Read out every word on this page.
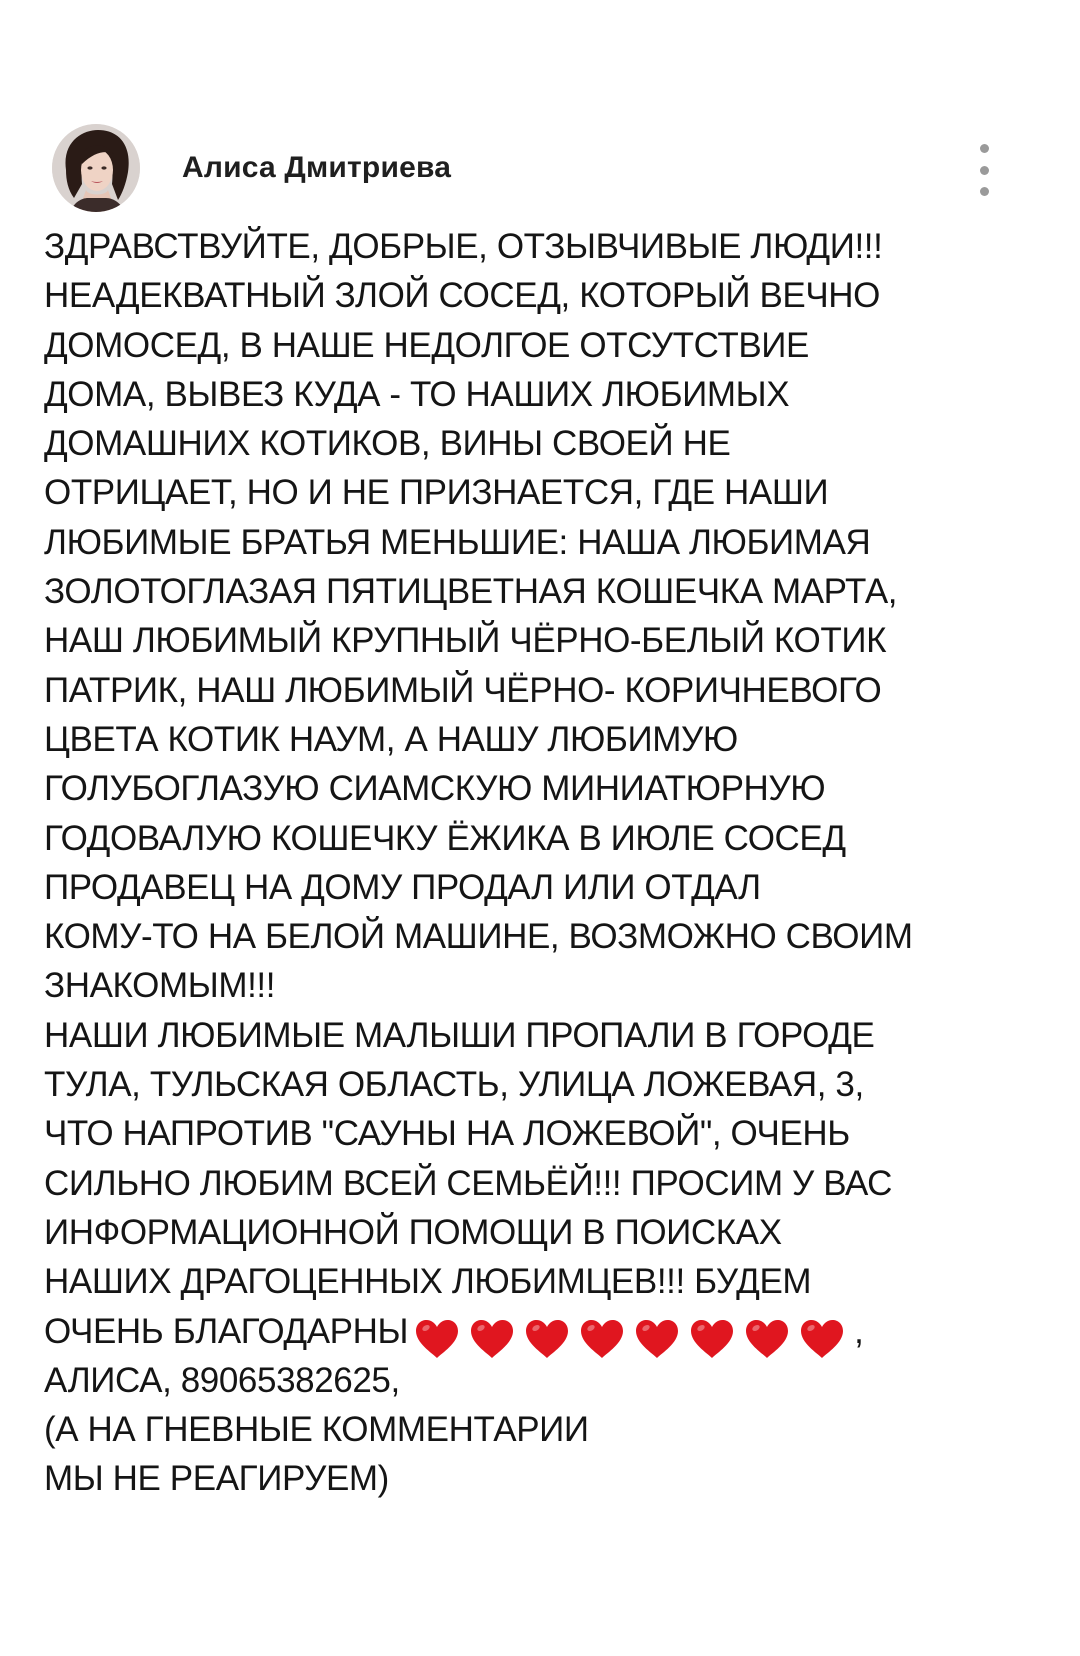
Алиса Дмитриева
ЗДРАВСТВУЙТЕ, ДОБРЫЕ, ОТЗЫВЧИВЫЕ ЛЮДИ!!!
НЕАДЕКВАТНЫЙ ЗЛОЙ СОСЕД, КОТОРЫЙ ВЕЧНО
ДОМОСЕД, В НАШЕ НЕДОЛГОЕ ОТСУТСТВИЕ
ДОМА, ВЫВЕЗ КУДА - ТО НАШИХ ЛЮБИМЫХ
ДОМАШНИХ КОТИКОВ, ВИНЫ СВОЕЙ НЕ
ОТРИЦАЕТ, НО И НЕ ПРИЗНАЕТСЯ, ГДЕ НАШИ
ЛЮБИМЫЕ БРАТЬЯ МЕНЬШИЕ: НАША ЛЮБИМАЯ
ЗОЛОТОГЛАЗАЯ ПЯТИЦВЕТНАЯ КОШЕЧКА МАРТА,
НАШ ЛЮБИМЫЙ КРУПНЫЙ ЧЁРНО-БЕЛЫЙ КОТИК
ПАТРИК, НАШ ЛЮБИМЫЙ ЧЁРНО- КОРИЧНЕВОГО
ЦВЕТА КОТИК НАУМ, А НАШУ ЛЮБИМУЮ
ГОЛУБОГЛАЗУЮ СИАМСКУЮ МИНИАТЮРНУЮ
ГОДОВАЛУЮ КОШЕЧКУ ЁЖИКА В ИЮЛЕ СОСЕД
ПРОДАВЕЦ НА ДОМУ ПРОДАЛ ИЛИ ОТДАЛ
КОМУ-ТО НА БЕЛОЙ МАШИНЕ, ВОЗМОЖНО СВОИМ
ЗНАКОМЫМ!!!
НАШИ ЛЮБИМЫЕ МАЛЫШИ ПРОПАЛИ В ГОРОДЕ
ТУЛА, ТУЛЬСКАЯ ОБЛАСТЬ, УЛИЦА ЛОЖЕВАЯ, 3,
ЧТО НАПРОТИВ "САУНЫ НА ЛОЖЕВОЙ", ОЧЕНЬ
СИЛЬНО ЛЮБИМ ВСЕЙ СЕМЬЁЙ!!! ПРОСИМ У ВАС
ИНФОРМАЦИОННОЙ ПОМОЩИ В ПОИСКАХ
НАШИХ ДРАГОЦЕННЫХ ЛЮБИМЦЕВ!!! БУДЕМ
ОЧЕНЬ БЛАГОДАРНЫ	,
АЛИСА, 89065382625,
(А НА ГНЕВНЫЕ КОММЕНТАРИИ
МЫ НЕ РЕАГИРУЕМ)
